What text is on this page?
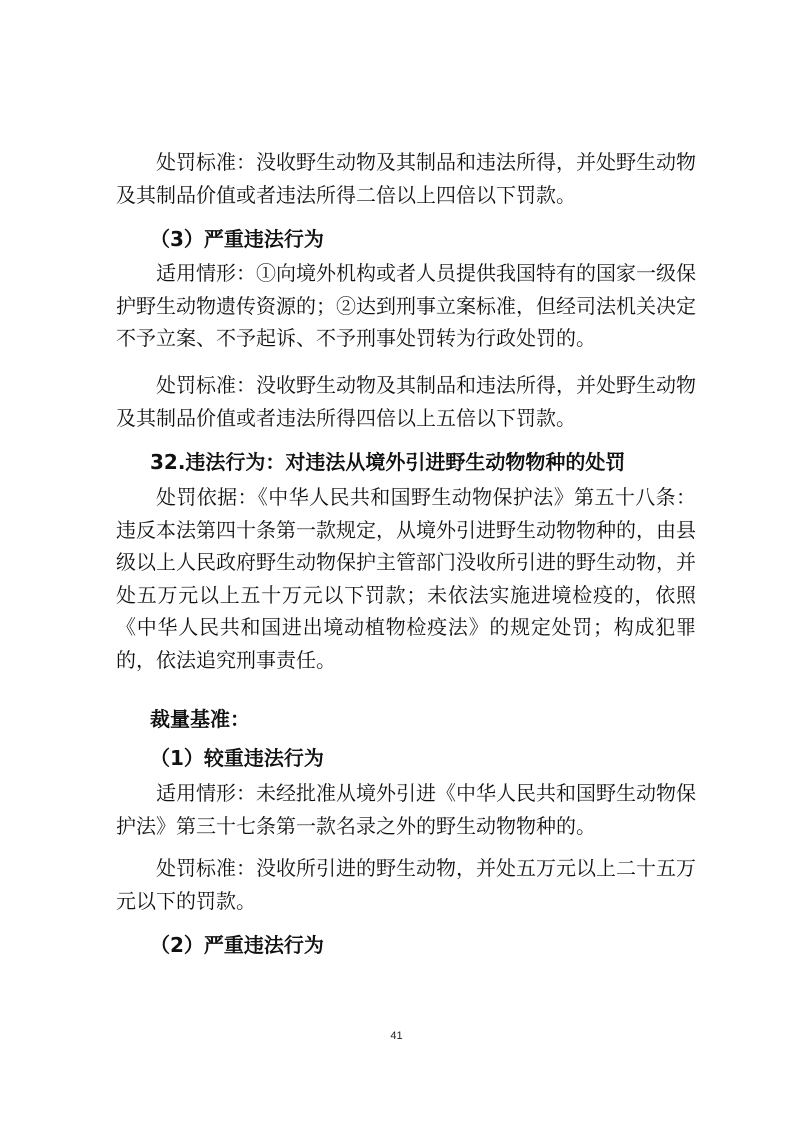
处罚标准：没收野生动物及其制品和违法所得，并处野生动物及其制品价值或者违法所得二倍以上四倍以下罚款。

（3）严重违法行为

适用情形：①向境外机构或者人员提供我国特有的国家一级保护野生动物遗传资源的；②达到刑事立案标准，但经司法机关决定不予立案、不予起诉、不予刑事处罚转为行政处罚的。

处罚标准：没收野生动物及其制品和违法所得，并处野生动物及其制品价值或者违法所得四倍以上五倍以下罚款。

32.违法行为：对违法从境外引进野生动物物种的处罚

处罚依据：《中华人民共和国野生动物保护法》第五十八条：违反本法第四十条第一款规定，从境外引进野生动物物种的，由县级以上人民政府野生动物保护主管部门没收所引进的野生动物，并处五万元以上五十万元以下罚款；未依法实施进境检疫的，依照《中华人民共和国进出境动植物检疫法》的规定处罚；构成犯罪的，依法追究刑事责任。

裁量基准：

（1）较重违法行为

适用情形：未经批准从境外引进《中华人民共和国野生动物保护法》第三十七条第一款名录之外的野生动物物种的。

处罚标准：没收所引进的野生动物，并处五万元以上二十五万元以下的罚款。

（2）严重违法行为

41
